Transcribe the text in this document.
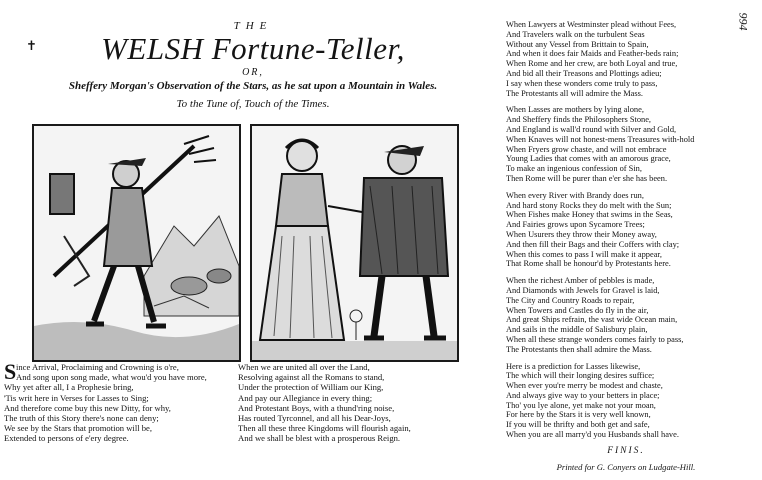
✝
994
THE
WELSH Fortune-Teller,
OR,
Sheffery Morgan's Observation of the Stars, as he sat upon a Mountain in Wales.
To the Tune of, Touch of the Times.
S ince Arrival, Proclaiming and Crowning is o're,
And song upon song made, what wou'd you have more,
Why yet after all, I a Prophesie bring,
'Tis writ here in Verses for Lasses to Sing;
And therefore come buy this new Ditty, for why,
The truth of this Story there's none can deny;
We see by the Stars that promotion will be,
Extended to persons of e'ery degree.
When we are united all over the Land,
Resolving against all the Romans to stand,
Under the protection of William our King,
And pay our Allegiance in every thing;
And Protestant Boys, with a thund'ring noise,
Has routed Tyrconnel, and all his Dear-Joys,
Then all these three Kingdoms will flourish again,
And we shall be blest with a prosperous Reign.
When Lawyers at Westminster plead without Fees,
And Travelers walk on the turbulent Seas
Without any Vessel from Brittain to Spain,
And when it does fair Maids and Feather-beds rain;
When Rome and her crew, are both Loyal and true,
And bid all their Treasons and Plottings adieu;
I say when these wonders come truly to pass,
The Protestants all will admire the Mass.
When Lasses are mothers by lying alone,
And Sheffery finds the Philosophers Stone,
And England is wall'd round with Silver and Gold,
When Knaves will not honest-mens Treasures with-hold
When Fryers grow chaste, and will not embrace
Young Ladies that comes with an amorous grace,
To make an ingenious confession of Sin,
Then Rome will be purer than e'er she has been.
When every River with Brandy does run,
And hard stony Rocks they do melt with the Sun;
When Fishes make Honey that swims in the Seas,
And Fairies grows upon Sycamore Trees;
When Usurers they throw their Money away,
And then fill their Bags and their Coffers with clay;
When this comes to pass I will make it appear,
That Rome shall be honour'd by Protestants here.
When the richest Amber of pebbles is made,
And Diamonds with Jewels for Gravel is laid,
The City and Country Roads to repair,
When Towers and Castles do fly in the air,
And great Ships refrain, the vast wide Ocean main,
And sails in the middle of Salisbury plain,
When all these strange wonders comes fairly to pass,
The Protestants then shall admire the Mass.
Here is a prediction for Lasses likewise,
The which will their longing desires suffice;
When ever you're merry be modest and chaste,
And always give way to your betters in place;
Tho' you lye alone, yet make not your moan,
For here by the Stars it is very well known,
If you will be thrifty and both get and safe,
When you are all marry'd you Husbands shall have.
FINIS.
Printed for G. Conyers on Ludgate-Hill.
